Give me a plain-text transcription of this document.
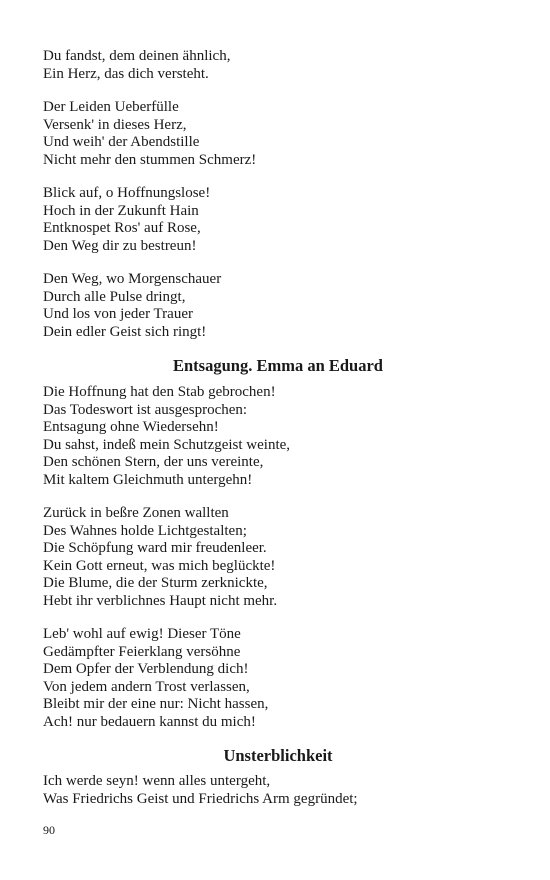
Du fandst, dem deinen ähnlich,
Ein Herz, das dich versteht.
Der Leiden Ueberfülle
Versenk' in dieses Herz,
Und weih' der Abendstille
Nicht mehr den stummen Schmerz!
Blick auf, o Hoffnungslose!
Hoch in der Zukunft Hain
Entknospet Ros' auf Rose,
Den Weg dir zu bestreun!
Den Weg, wo Morgenschauer
Durch alle Pulse dringt,
Und los von jeder Trauer
Dein edler Geist sich ringt!
Entsagung. Emma an Eduard
Die Hoffnung hat den Stab gebrochen!
Das Todeswort ist ausgesprochen:
Entsagung ohne Wiedersehn!
Du sahst, indeß mein Schutzgeist weinte,
Den schönen Stern, der uns vereinte,
Mit kaltem Gleichmuth untergehn!
Zurück in beßre Zonen wallten
Des Wahnes holde Lichtgestalten;
Die Schöpfung ward mir freudenleer.
Kein Gott erneut, was mich beglückte!
Die Blume, die der Sturm zerknickte,
Hebt ihr verblichnes Haupt nicht mehr.
Leb' wohl auf ewig! Dieser Töne
Gedämpfter Feierklang versöhne
Dem Opfer der Verblendung dich!
Von jedem andern Trost verlassen,
Bleibt mir der eine nur: Nicht hassen,
Ach! nur bedauern kannst du mich!
Unsterblichkeit
Ich werde seyn! wenn alles untergeht,
Was Friedrichs Geist und Friedrichs Arm gegründet;
90
